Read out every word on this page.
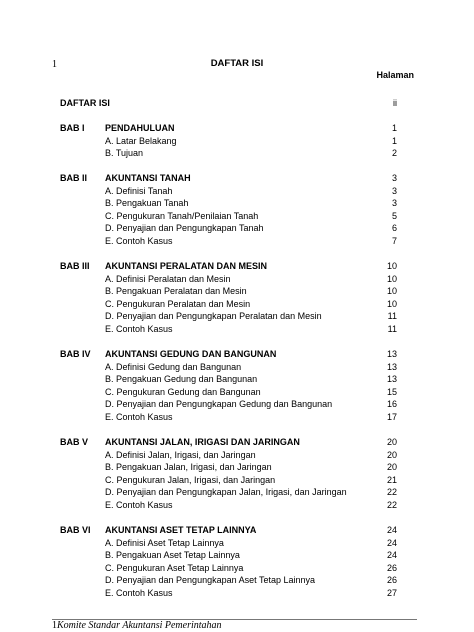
1	DAFTAR ISI
Halaman
DAFTAR ISI	ii
BAB I PENDAHULUAN	1
A. Latar Belakang	1
B. Tujuan	2
BAB II AKUNTANSI TANAH	3
A. Definisi Tanah	3
B. Pengakuan Tanah	3
C. Pengukuran Tanah/Penilaian Tanah	5
D. Penyajian dan Pengungkapan Tanah	6
E. Contoh Kasus	7
BAB III AKUNTANSI PERALATAN DAN MESIN	10
A. Definisi Peralatan dan Mesin	10
B. Pengakuan Peralatan dan Mesin	10
C. Pengukuran Peralatan dan Mesin	10
D. Penyajian dan Pengungkapan Peralatan dan Mesin	11
E. Contoh Kasus	11
BAB IV AKUNTANSI GEDUNG DAN BANGUNAN	13
A. Definisi Gedung dan Bangunan	13
B. Pengakuan Gedung dan Bangunan	13
C. Pengukuran Gedung dan Bangunan	15
D. Penyajian dan Pengungkapan Gedung dan Bangunan	16
E. Contoh Kasus	17
BAB V AKUNTANSI JALAN, IRIGASI DAN JARINGAN	20
A. Definisi Jalan, Irigasi, dan Jaringan	20
B. Pengakuan Jalan, Irigasi, dan Jaringan	20
C. Pengukuran Jalan, Irigasi, dan Jaringan	21
D. Penyajian dan Pengungkapan Jalan, Irigasi, dan Jaringan	22
E. Contoh Kasus	22
BAB VI AKUNTANSI ASET TETAP LAINNYA	24
A. Definisi Aset Tetap Lainnya	24
B. Pengakuan Aset Tetap Lainnya	24
C. Pengukuran Aset Tetap Lainnya	26
D. Penyajian dan Pengungkapan Aset Tetap Lainnya	26
E. Contoh Kasus	27
1Komite Standar Akuntansi Pemerintahan
